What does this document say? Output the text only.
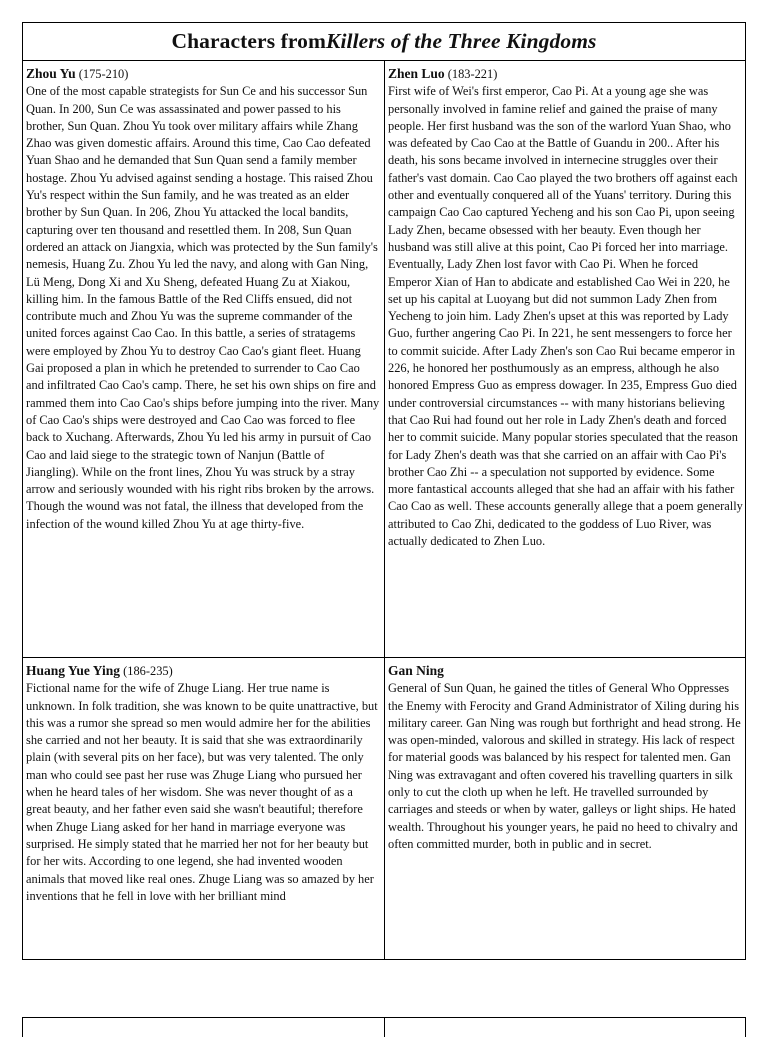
Characters from Killers of the Three Kingdoms
Zhou Yu (175-210)
One of the most capable strategists for Sun Ce and his successor Sun Quan. In 200, Sun Ce was assassinated and power passed to his brother, Sun Quan. Zhou Yu took over military affairs while Zhang Zhao was given domestic affairs. Around this time, Cao Cao defeated Yuan Shao and he demanded that Sun Quan send a family member hostage. Zhou Yu advised against sending a hostage. This raised Zhou Yu's respect within the Sun family, and he was treated as an elder brother by Sun Quan. In 206, Zhou Yu attacked the local bandits, capturing over ten thousand and resettled them. In 208, Sun Quan ordered an attack on Jiangxia, which was protected by the Sun family's nemesis, Huang Zu. Zhou Yu led the navy, and along with Gan Ning, Lü Meng, Dong Xi and Xu Sheng, defeated Huang Zu at Xiakou, killing him. In the famous Battle of the Red Cliffs ensued, did not contribute much and Zhou Yu was the supreme commander of the united forces against Cao Cao. In this battle, a series of stratagems were employed by Zhou Yu to destroy Cao Cao's giant fleet. Huang Gai proposed a plan in which he pretended to surrender to Cao Cao and infiltrated Cao Cao's camp. There, he set his own ships on fire and rammed them into Cao Cao's ships before jumping into the river. Many of Cao Cao's ships were destroyed and Cao Cao was forced to flee back to Xuchang. Afterwards, Zhou Yu led his army in pursuit of Cao Cao and laid siege to the strategic town of Nanjun (Battle of Jiangling). While on the front lines, Zhou Yu was struck by a stray arrow and seriously wounded with his right ribs broken by the arrows. Though the wound was not fatal, the illness that developed from the infection of the wound killed Zhou Yu at age thirty-five.
Zhen Luo (183-221)
First wife of Wei's first emperor, Cao Pi. At a young age she was personally involved in famine relief and gained the praise of many people. Her first husband was the son of the warlord Yuan Shao, who was defeated by Cao Cao at the Battle of Guandu in 200.. After his death, his sons became involved in internecine struggles over their father's vast domain. Cao Cao played the two brothers off against each other and eventually conquered all of the Yuans' territory. During this campaign Cao Cao captured Yecheng and his son Cao Pi, upon seeing Lady Zhen, became obsessed with her beauty. Even though her husband was still alive at this point, Cao Pi forced her into marriage. Eventually, Lady Zhen lost favor with Cao Pi. When he forced Emperor Xian of Han to abdicate and established Cao Wei in 220, he set up his capital at Luoyang but did not summon Lady Zhen from Yecheng to join him. Lady Zhen's upset at this was reported by Lady Guo, further angering Cao Pi. In 221, he sent messengers to force her to commit suicide. After Lady Zhen's son Cao Rui became emperor in 226, he honored her posthumously as an empress, although he also honored Empress Guo as empress dowager. In 235, Empress Guo died under controversial circumstances -- with many historians believing that Cao Rui had found out her role in Lady Zhen's death and forced her to commit suicide. Many popular stories speculated that the reason for Lady Zhen's death was that she carried on an affair with Cao Pi's brother Cao Zhi -- a speculation not supported by evidence. Some more fantastical accounts alleged that she had an affair with his father Cao Cao as well. These accounts generally allege that a poem generally attributed to Cao Zhi, dedicated to the goddess of Luo River, was actually dedicated to Zhen Luo.
Huang Yue Ying (186-235)
Fictional name for the wife of Zhuge Liang. Her true name is unknown. In folk tradition, she was known to be quite unattractive, but this was a rumor she spread so men would admire her for the abilities she carried and not her beauty. It is said that she was extraordinarily plain (with several pits on her face), but was very talented. The only man who could see past her ruse was Zhuge Liang who pursued her when he heard tales of her wisdom. She was never thought of as a great beauty, and her father even said she wasn't beautiful; therefore when Zhuge Liang asked for her hand in marriage everyone was surprised. He simply stated that he married her not for her beauty but for her wits. According to one legend, she had invented wooden animals that moved like real ones. Zhuge Liang was so amazed by her inventions that he fell in love with her brilliant mind
Gan Ning
General of Sun Quan, he gained the titles of General Who Oppresses the Enemy with Ferocity and Grand Administrator of Xiling during his military career. Gan Ning was rough but forthright and head strong. He was open-minded, valorous and skilled in strategy. His lack of respect for material goods was balanced by his respect for talented men. Gan Ning was extravagant and often covered his travelling quarters in silk only to cut the cloth up when he left. He travelled surrounded by carriages and steeds or when by water, galleys or light ships. He hated wealth. Throughout his younger years, he paid no heed to chivalry and often committed murder, both in public and in secret.
